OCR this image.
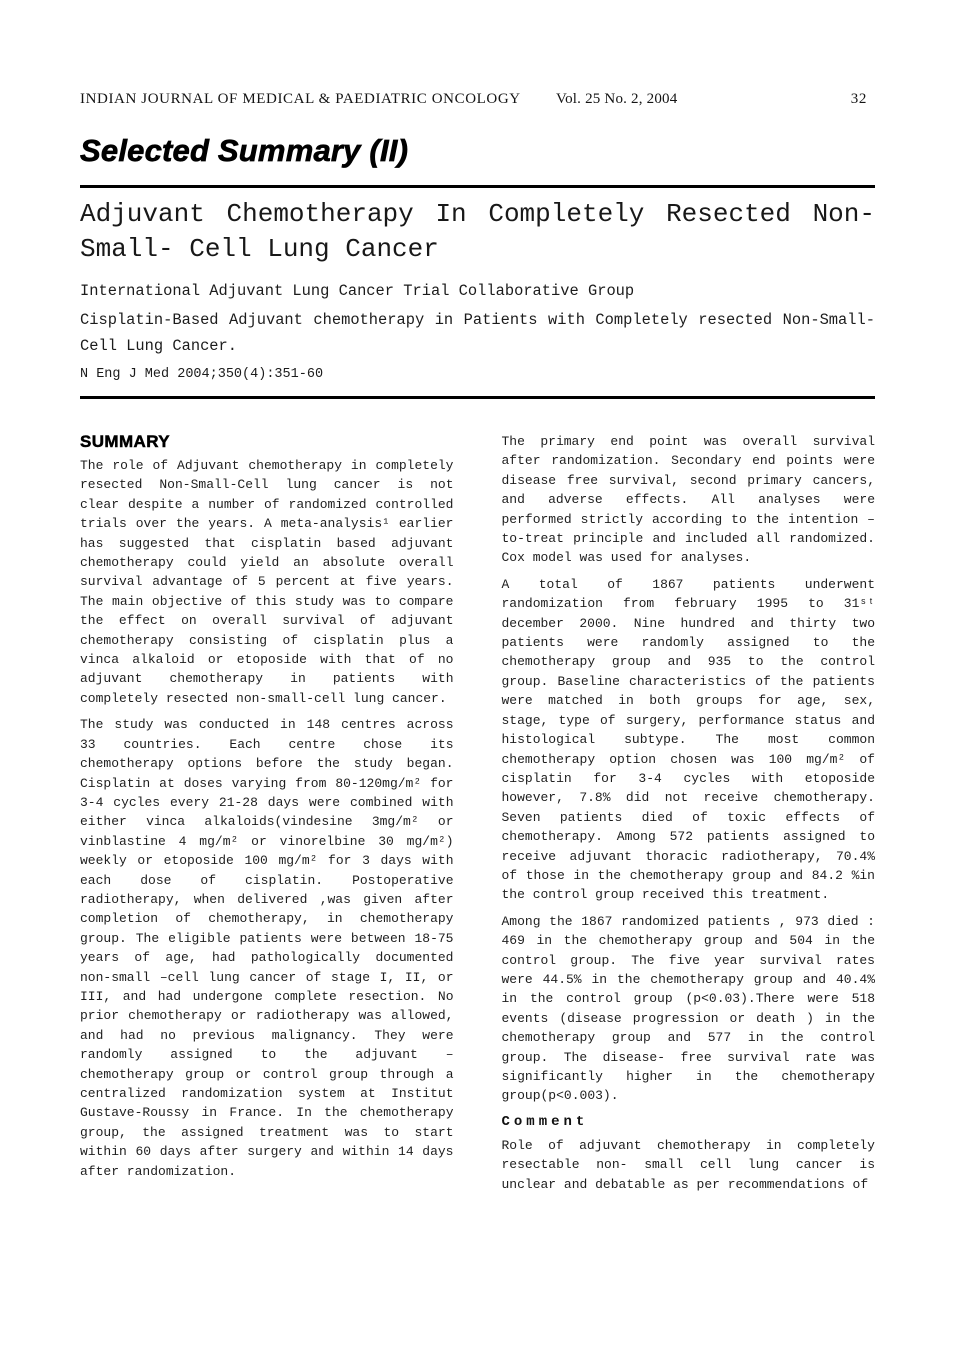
INDIAN JOURNAL OF MEDICAL & PAEDIATRIC ONCOLOGY Vol. 25 No. 2, 2004	32
Selected Summary (II)
Adjuvant Chemotherapy In Completely Resected Non-Small- Cell Lung Cancer

International Adjuvant Lung Cancer Trial Collaborative Group

Cisplatin-Based Adjuvant chemotherapy in Patients with Completely resected Non-Small-Cell Lung Cancer.

N Eng J Med 2004;350(4):351-60

SUMMARY

The role of Adjuvant chemotherapy in completely resected Non-Small-Cell lung cancer is not clear despite a number of randomized controlled trials over the years. A meta-analysis¹ earlier has suggested that cisplatin based adjuvant chemotherapy could yield an absolute overall survival advantage of 5 percent at five years. The main objective of this study was to compare the effect on overall survival of adjuvant chemotherapy consisting of cisplatin plus a vinca alkaloid or etoposide with that of no adjuvant chemotherapy in patients with completely resected non-small-cell lung cancer.

The study was conducted in 148 centres across 33 countries. Each centre chose its chemotherapy options before the study began. Cisplatin at doses varying from 80-120mg/m² for 3-4 cycles every 21-28 days were combined with either vinca alkaloids(vindesine 3mg/m² or vinblastine 4 mg/m² or vinorelbine 30 mg/m²) weekly or etoposide 100 mg/m² for 3 days with each dose of cisplatin. Postoperative radiotherapy, when delivered ,was given after completion of chemotherapy, in chemotherapy group. The eligible patients were between 18-75 years of age, had pathologically documented non-small –cell lung cancer of stage I, II, or III, and had undergone complete resection. No prior chemotherapy or radiotherapy was allowed, and had no previous malignancy. They were randomly assigned to the adjuvant – chemotherapy group or control group through a centralized randomization system at Institut Gustave-Roussy in France. In the chemotherapy group, the assigned treatment was to start within 60 days after surgery and within 14 days after randomization.

The primary end point was overall survival after randomization. Secondary end points were disease free survival, second primary cancers, and adverse effects. All analyses were performed strictly according to the intention – to-treat principle and included all randomized. Cox model was used for analyses.

A total of 1867 patients underwent randomization from february 1995 to 31ˢᵗ december 2000. Nine hundred and thirty two patients were randomly assigned to the chemotherapy group and 935 to the control group. Baseline characteristics of the patients were matched in both groups for age, sex, stage, type of surgery, performance status and histological subtype. The most common chemotherapy option chosen was 100 mg/m² of cisplatin for 3-4 cycles with etoposide however, 7.8% did not receive chemotherapy. Seven patients died of toxic effects of chemotherapy. Among 572 patients assigned to receive adjuvant thoracic radiotherapy, 70.4% of those in the chemotherapy group and 84.2 %in the control group received this treatment.

Among the 1867 randomized patients , 973 died : 469 in the chemotherapy group and 504 in the control group. The five year survival rates were 44.5% in the chemotherapy group and 40.4% in the control group (p<0.03).There were 518 events (disease progression or death ) in the chemotherapy group and 577 in the control group. The disease- free survival rate was significantly higher in the chemotherapy group(p<0.003).

Comment

Role of adjuvant chemotherapy in completely resectable non- small cell lung cancer is unclear and debatable as per recommendations of
